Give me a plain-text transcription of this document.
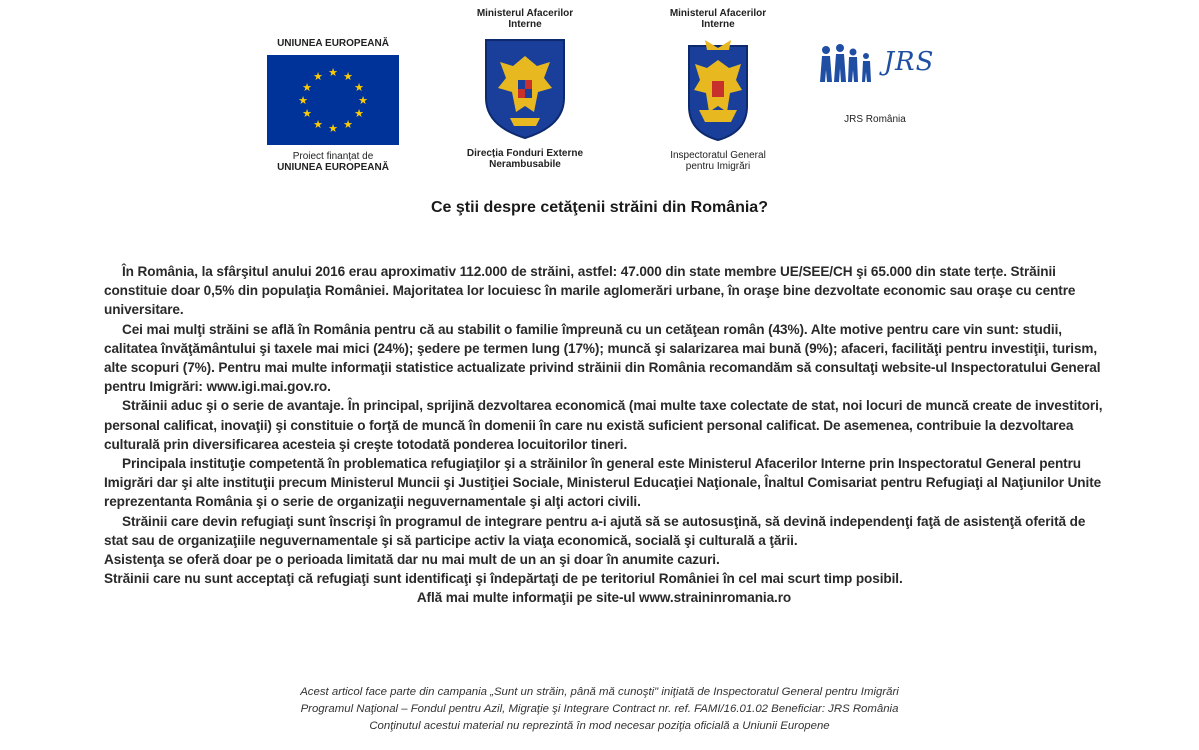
UNIUNEA EUROPEANĂ
★ ★
★
★
★
★
★
★
★
★
★
★
Proiect finanțat de
UNIUNEA EUROPEANĂ
Ministerul Afacerilor
Interne
Direcția Fonduri Externe Nerambusabile
Ministerul Afacerilor
Interne
Inspectoratul General
pentru Imigrări
JRS
JRS România
Ce ştii despre cetăţenii străini din România?

În România, la sfârşitul anului 2016 erau aproximativ 112.000 de străini, astfel: 47.000 din state membre UE/SEE/CH şi 65.000 din state terțe. Străinii constituie doar 0,5% din populaţia României. Majoritatea lor locuiesc în marile aglomerări urbane, în oraşe bine dezvoltate economic sau oraşe cu centre universitare.

Cei mai mulţi străini se află în România pentru că au stabilit o familie împreună cu un cetăţean român (43%). Alte motive pentru care vin sunt: studii, calitatea învăţământului şi taxele mai mici (24%); şedere pe termen lung (17%); muncă şi salarizarea mai bună (9%); afaceri, facilităţi pentru investiţii, turism, alte scopuri (7%). Pentru mai multe informaţii statistice actualizate privind străinii din România recomandăm să consultaţi website-ul Inspectoratului General pentru Imigrări: www.igi.mai.gov.ro.

Străinii aduc şi o serie de avantaje. În principal, sprijină dezvoltarea economică (mai multe taxe colectate de stat, noi locuri de muncă create de investitori, personal calificat, inovaţii) şi constituie o forţă de muncă în domenii în care nu există suficient personal calificat. De asemenea, contribuie la dezvoltarea culturală prin diversificarea acesteia şi creşte totodată ponderea locuitorilor tineri.

Principala instituţie competentă în problematica refugiaţilor şi a străinilor în general este Ministerul Afacerilor Interne prin Inspectoratul General pentru Imigrări dar şi alte instituţii precum Ministerul Muncii şi Justiţiei Sociale, Ministerul Educaţiei Naţionale, Înaltul Comisariat pentru Refugiaţi al Naţiunilor Unite reprezentanta România şi o serie de organizaţii neguvernamentale şi alţi actori civili.

Străinii care devin refugiaţi sunt înscrişi în programul de integrare pentru a-i ajută să se autosusţină, să devină independenţi faţă de asistenţă oferită de stat sau de organizaţiile neguvernamentale şi să participe activ la viaţa economică, socială şi culturală a ţării.

Asistenţa se oferă doar pe o perioada limitată dar nu mai mult de un an şi doar în anumite cazuri.

Străinii care nu sunt acceptaţi că refugiaţi sunt identificaţi şi îndepărtaţi de pe teritoriul României în cel mai scurt timp posibil.

Află mai multe informaţii pe site-ul www.straininromania.ro

Acest articol face parte din campania „Sunt un străin, până mă cunoşti" iniţiată de Inspectoratul General pentru Imigrări

Programul Naţional – Fondul pentru Azil, Migraţie şi Integrare Contract nr. ref. FAMI/16.01.02 Beneficiar: JRS România

Conţinutul acestui material nu reprezintă în mod necesar poziţia oficială a Uniunii Europene
